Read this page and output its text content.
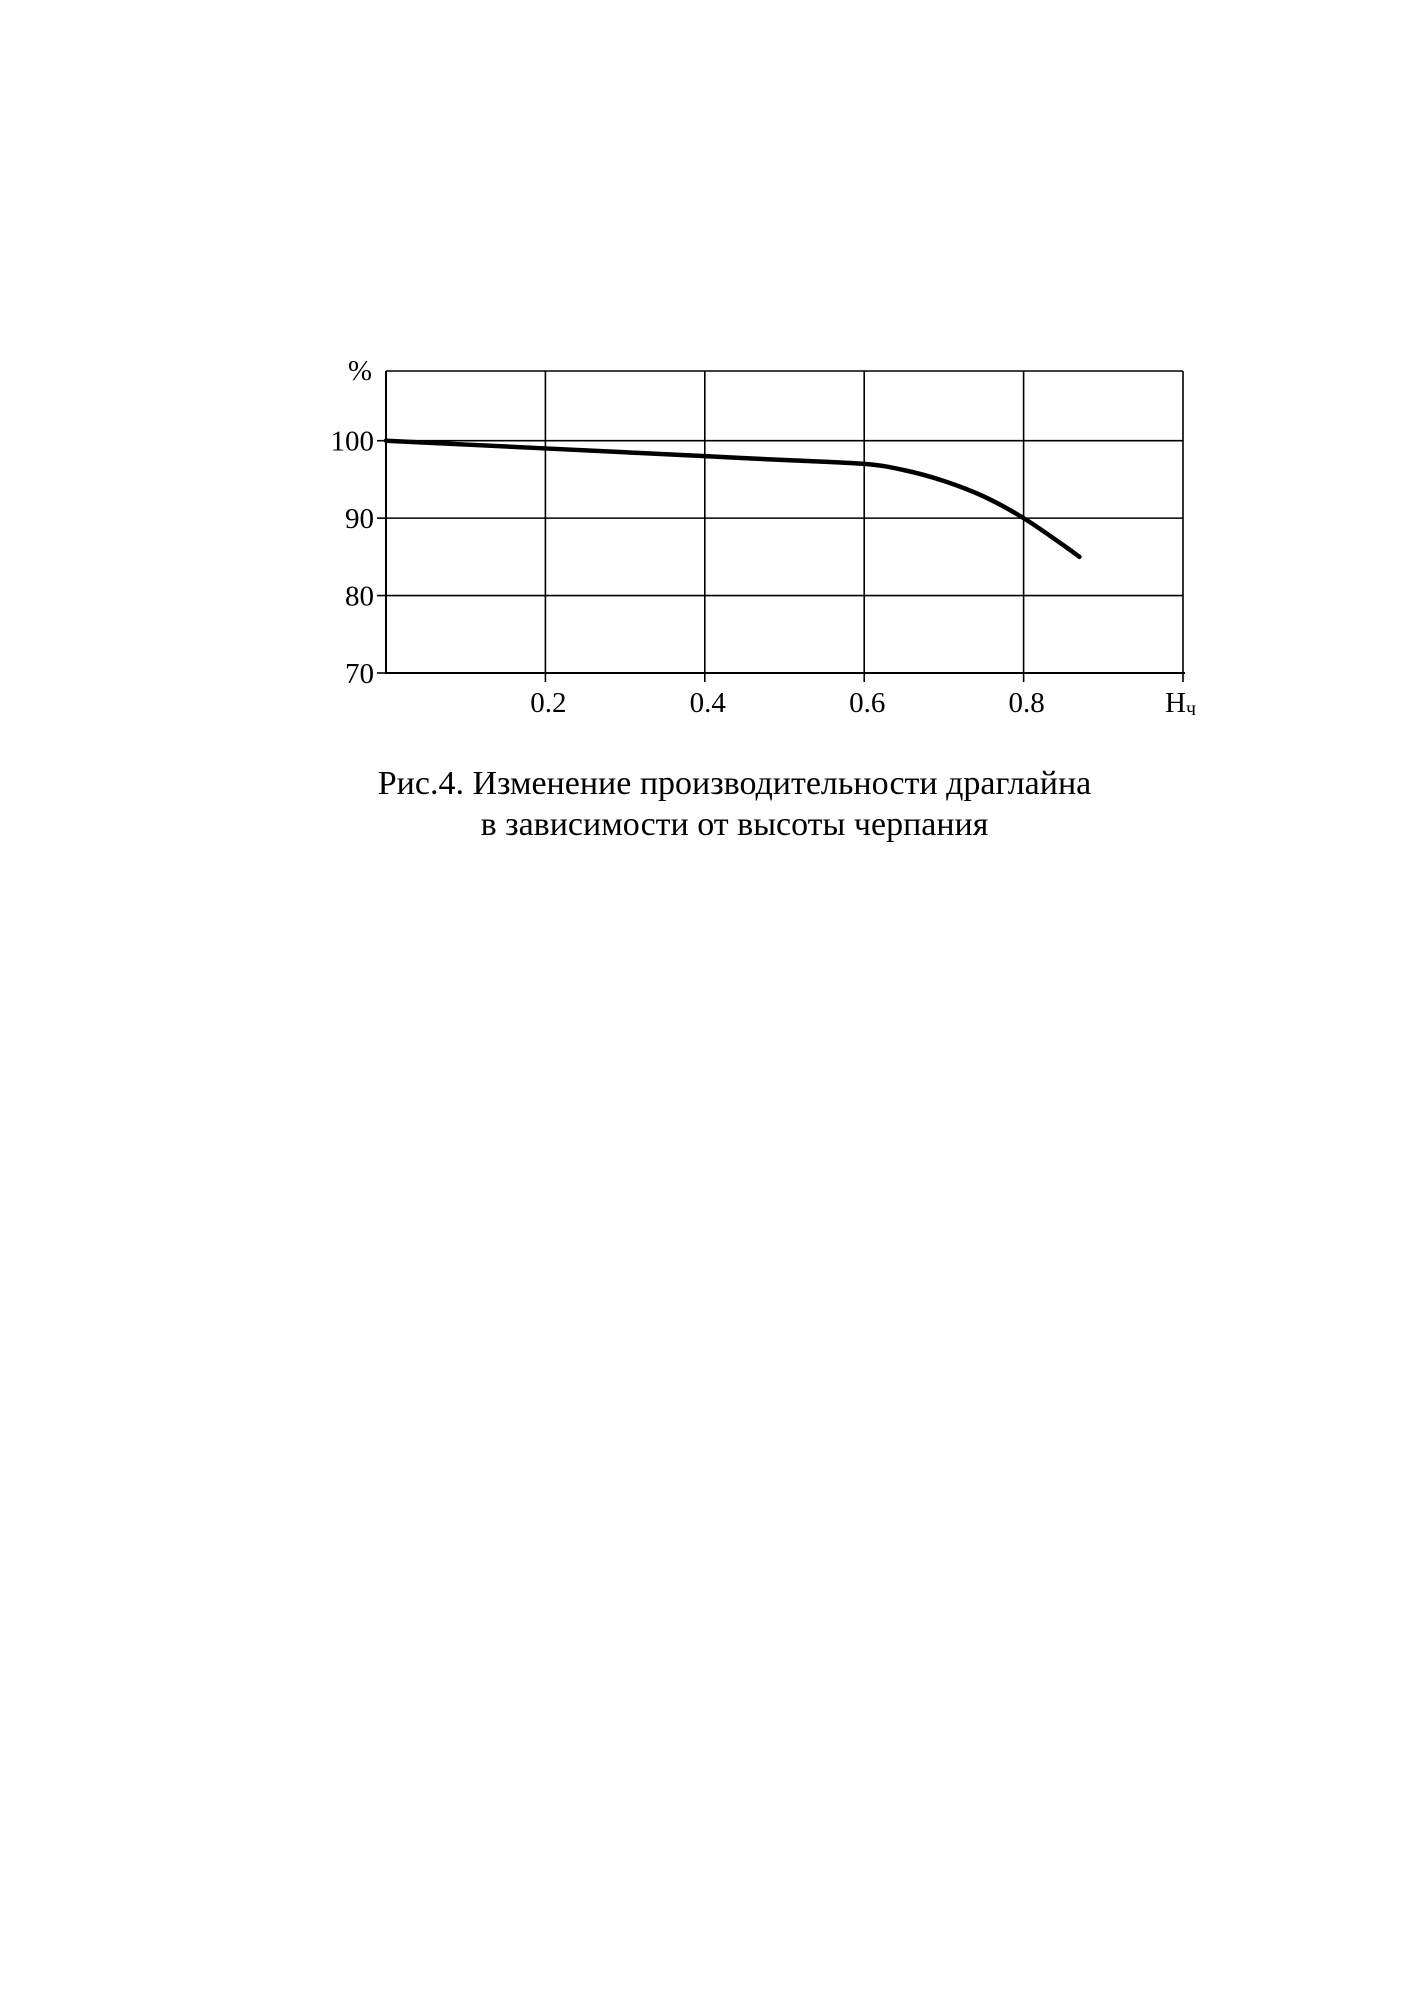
70
80
90
100
0.2	0.4	0.6	0.8
%
Hч
Рис.4. Изменение производительности драглайна
в зависимости от высоты черпания
